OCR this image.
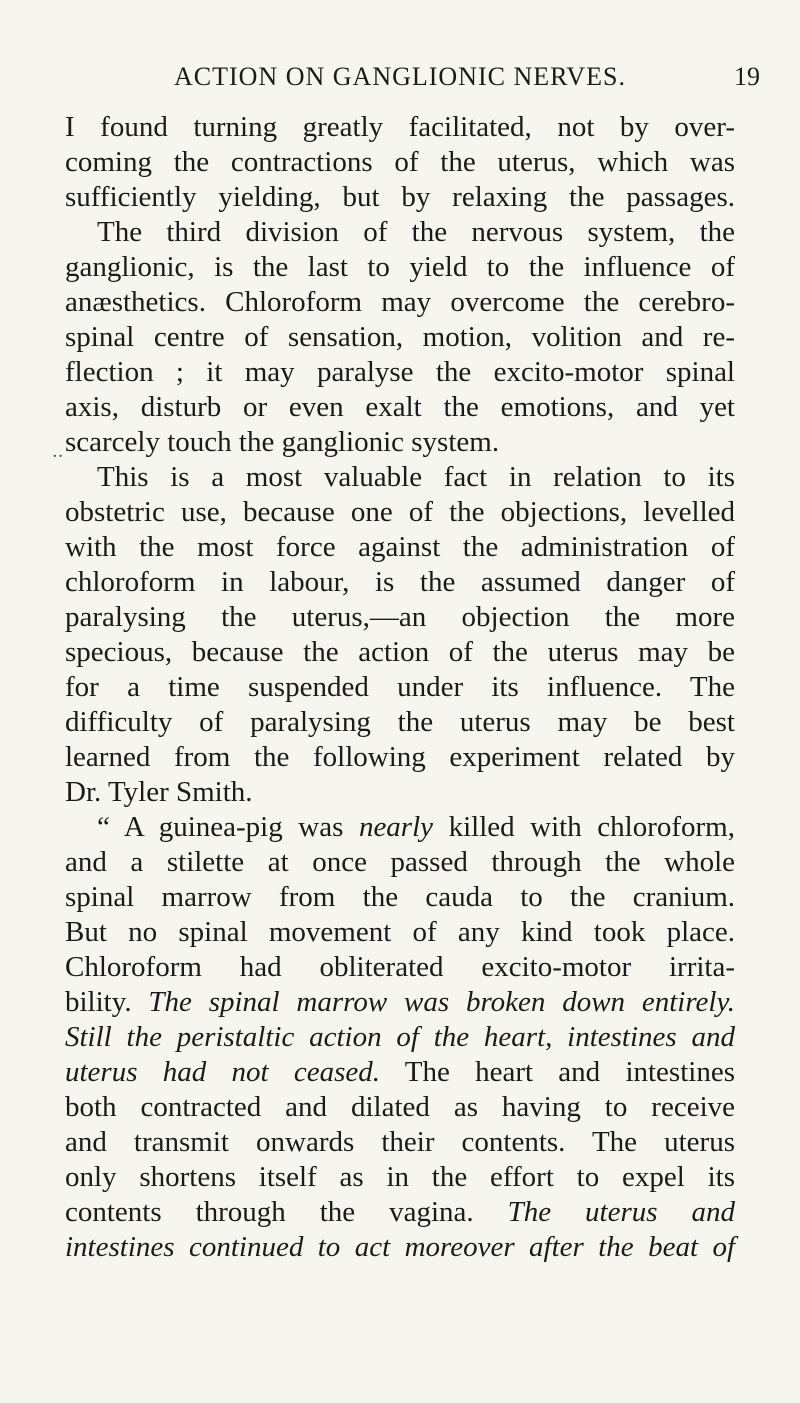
ACTION ON GANGLIONIC NERVES.	19
··
I found turning greatly facilitated, not by over-
coming the contractions of the uterus, which was
sufficiently yielding, but by relaxing the passages.
The third division of the nervous system, the
ganglionic, is the last to yield to the influence of
anæsthetics. Chloroform may overcome the cerebro-
spinal centre of sensation, motion, volition and re-
flection ; it may paralyse the excito-motor spinal
axis, disturb or even exalt the emotions, and yet
scarcely touch the ganglionic system.
This is a most valuable fact in relation to its
obstetric use, because one of the objections, levelled
with the most force against the administration of
chloroform in labour, is the assumed danger of
paralysing the uterus,—an objection the more
specious, because the action of the uterus may be
for a time suspended under its influence. The
difficulty of paralysing the uterus may be best
learned from the following experiment related by
Dr. Tyler Smith.
“ A guinea-pig was nearly killed with chloroform,
and a stilette at once passed through the whole
spinal marrow from the cauda to the cranium.
But no spinal movement of any kind took place.
Chloroform had obliterated excito-motor irrita-
bility. The spinal marrow was broken down entirely.
Still the peristaltic action of the heart, intestines and
uterus had not ceased. The heart and intestines
both contracted and dilated as having to receive
and transmit onwards their contents. The uterus
only shortens itself as in the effort to expel its
contents through the vagina. The uterus and
intestines continued to act moreover after the beat of
